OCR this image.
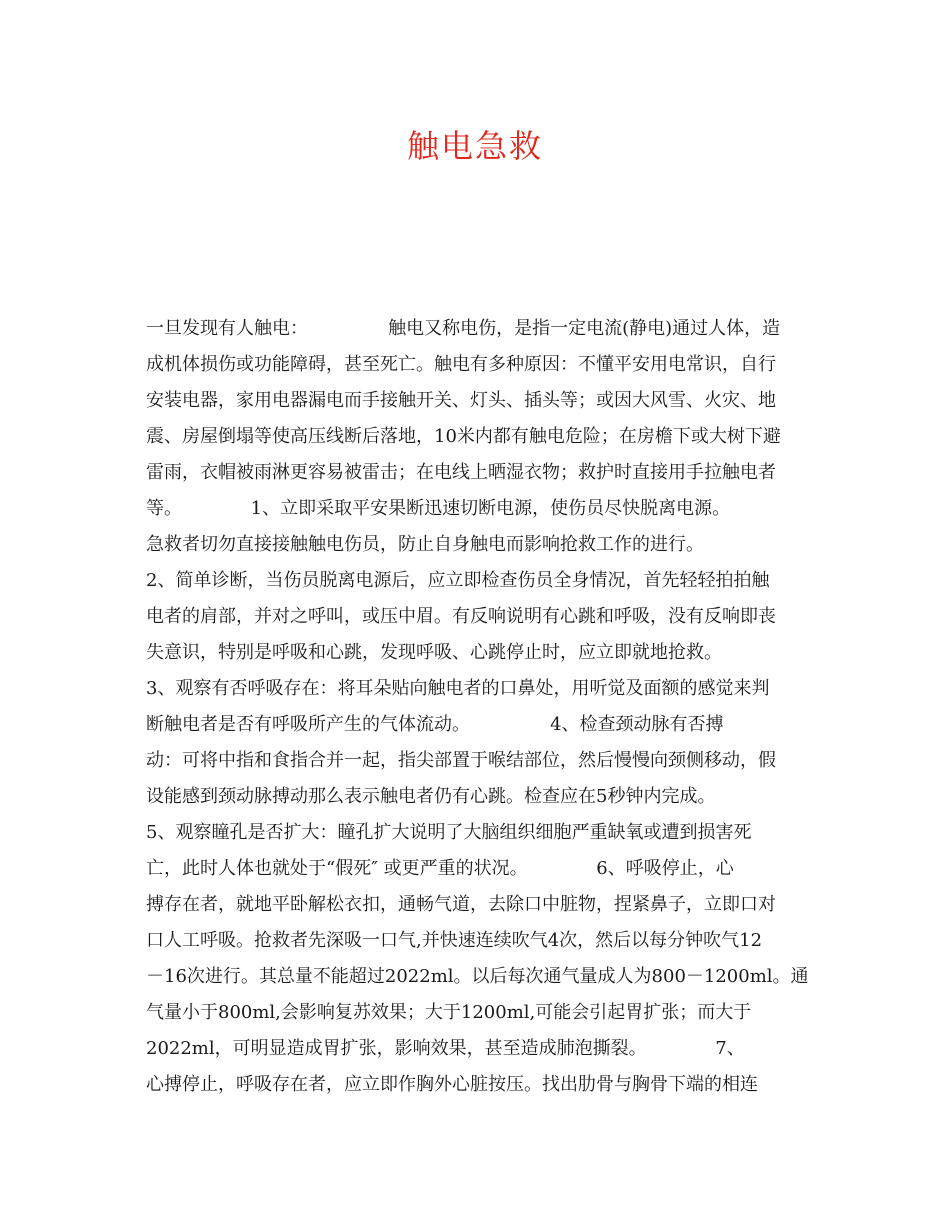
触电急救
一旦发现有人触电：              触电又称电伤，是指一定电流(静电)通过人体，造
成机体损伤或功能障碍，甚至死亡。触电有多种原因：不懂平安用电常识，自行
安装电器，家用电器漏电而手接触开关、灯头、插头等；或因大风雪、火灾、地
震、房屋倒塌等使高压线断后落地，10米内都有触电危险；在房檐下或大树下避
雷雨，衣帽被雨淋更容易被雷击；在电线上晒湿衣物；救护时直接用手拉触电者
等。            1、立即采取平安果断迅速切断电源，使伤员尽快脱离电源。
急救者切勿直接接触触电伤员，防止自身触电而影响抢救工作的进行。
2、简单诊断，当伤员脱离电源后，应立即检查伤员全身情况，首先轻轻拍拍触
电者的肩部，并对之呼叫，或压中眉。有反响说明有心跳和呼吸，没有反响即丧
失意识，特别是呼吸和心跳，发现呼吸、心跳停止时，应立即就地抢救。
3、观察有否呼吸存在：将耳朵贴向触电者的口鼻处，用听觉及面额的感觉来判
断触电者是否有呼吸所产生的气体流动。              4、检查颈动脉有否搏
动：可将中指和食指合并一起，指尖部置于喉结部位，然后慢慢向颈侧移动，假
设能感到颈动脉搏动那么表示触电者仍有心跳。检查应在5秒钟内完成。
5、观察瞳孔是否扩大：瞳孔扩大说明了大脑组织细胞严重缺氧或遭到损害死
亡，此时人体也就处于“假死″ 或更严重的状况。            6、呼吸停止，心
搏存在者，就地平卧解松衣扣，通畅气道，去除口中脏物，捏紧鼻子，立即口对
口人工呼吸。抢救者先深吸一口气,并快速连续吹气4次，然后以每分钟吹气12
－16次进行。其总量不能超过2022ml。以后每次通气量成人为800－1200ml。通
气量小于800ml,会影响复苏效果；大于1200ml,可能会引起胃扩张；而大于
2022ml，可明显造成胃扩张，影响效果，甚至造成肺泡撕裂。            7、
心搏停止，呼吸存在者，应立即作胸外心脏按压。找出肋骨与胸骨下端的相连
